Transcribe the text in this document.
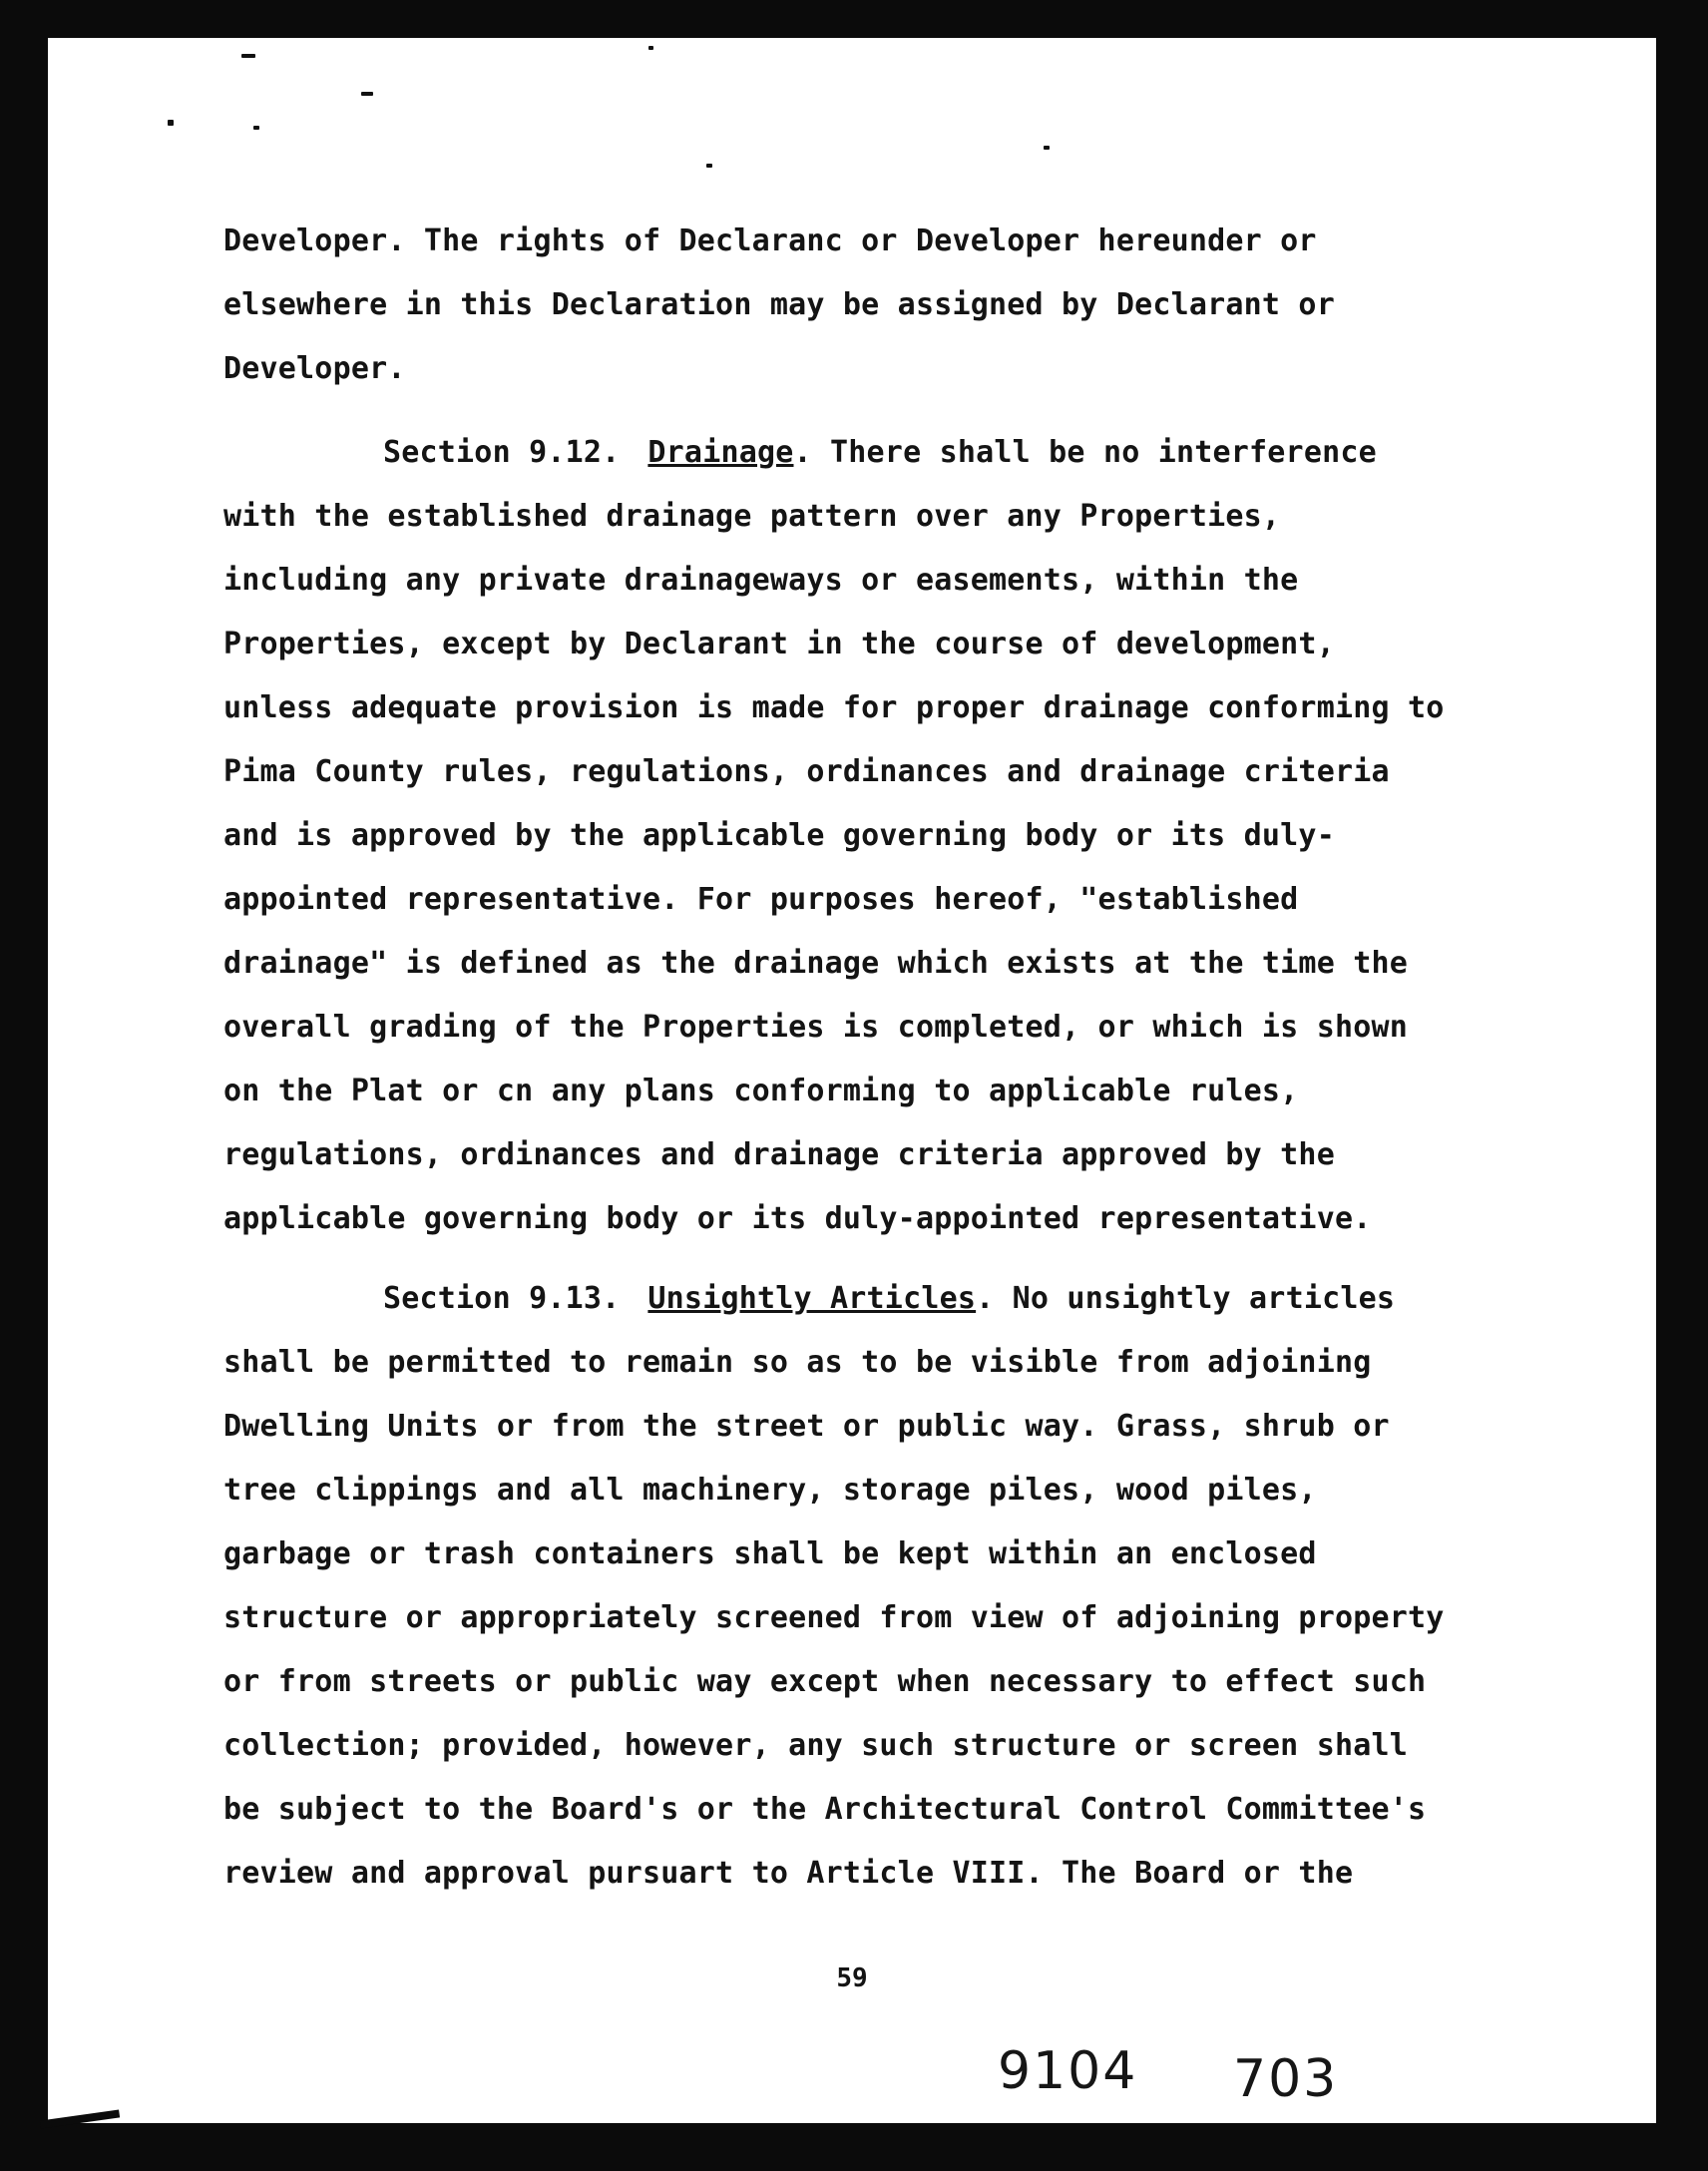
Developer. The rights of Declaranc or Developer hereunder or
elsewhere in this Declaration may be assigned by Declarant or
Developer.
Section 9.12. Drainage . There shall be no interference
with the established drainage pattern over any Properties,
including any private drainageways or easements, within the
Properties, except by Declarant in the course of development,
unless adequate provision is made for proper drainage conforming to
Pima County rules, regulations, ordinances and drainage criteria
and is approved by the applicable governing body or its duly-
appointed representative. For purposes hereof, "established
drainage" is defined as the drainage which exists at the time the
overall grading of the Properties is completed, or which is shown
on the Plat or cn any plans conforming to applicable rules,
regulations, ordinances and drainage criteria approved by the
applicable governing body or its duly-appointed representative.
Section 9.13. Unsightly Articles . No unsightly articles
shall be permitted to remain so as to be visible from adjoining
Dwelling Units or from the street or public way. Grass, shrub or
tree clippings and all machinery, storage piles, wood piles,
garbage or trash containers shall be kept within an enclosed
structure or appropriately screened from view of adjoining property
or from streets or public way except when necessary to effect such
collection; provided, however, any such structure or screen shall
be subject to the Board's or the Architectural Control Committee's
review and approval pursuart to Article VIII. The Board or the
59
9104 703
